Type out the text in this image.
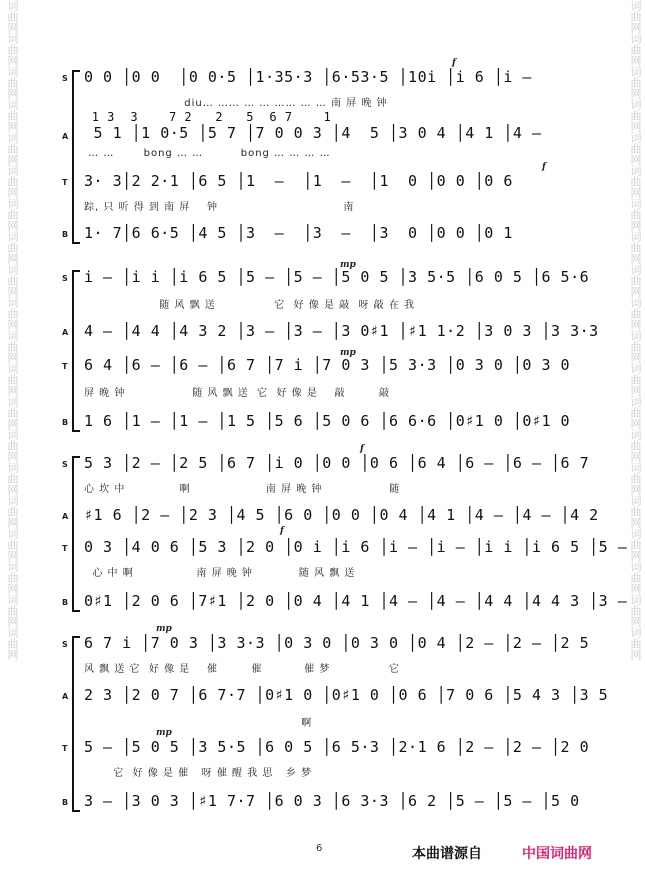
词曲网词曲网词曲网词曲网词曲网词曲网词曲网词曲网词曲网词曲网词曲网词曲网词曲网词曲网词曲网词曲网词曲网词曲网词曲网词曲网	词曲网词曲网词曲网词曲网词曲网词曲网词曲网词曲网词曲网词曲网词曲网词曲网词曲网词曲网词曲网词曲网词曲网词曲网词曲网词曲网
S 0 0 │0 0  │0 0·5 │1·35·3 │6·53·5 │10i │i 6 │i –
diu… …… … … …… … … 南 屏 晚 钟
1 3  3    7 2   2   5  6 7    1
A 5 1 │1 0·5 │5 7 │7 0 0 3 │4  5 │3 0 4 │4 1 │4 –
… …       bong … …         bong … … … …
T	3· 3│2 2·1 │6 5 │1  –  │1  –  │1  0 │0 0 │0 6
踪, 只 听 得 到 南 屏    钟                              南
B 1· 7│6 6·5 │4 5 │3  –  │3  –  │3  0 │0 0 │0 1
f
f
S i – │i i │i 6 5 │5 – │5 – │5 0 5 │3 5·5 │6 0 5 │6 5·6
随 风 飘 送              它  好 像 是 敲  呀 敲 在 我
A 4 – │4 4 │4 3 2 │3 – │3 – │3 0♯1 │♯1 1·2 │3 0 3 │3 3·3
T	6 4 │6 – │6 – │6 7 │7 i │7 0 3 │5 3·3 │0 3 0 │0 3 0
屏 晚 钟                随 风 飘 送  它  好 像 是    敲        敲
B 1 6 │1 – │1 – │1 5 │5 6 │5 0 6 │6 6·6 │0♯1 0 │0♯1 0
mp
mp
S 5 3 │2 – │2 5 │6 7 │i 0 │0 0 │0 6 │6 4 │6 – │6 – │6 7
心 坎 中             啊                  南 屏 晚 钟                随
A ♯1 6 │2 – │2 3 │4 5 │6 0 │0 0 │0 4 │4 1 │4 – │4 – │4 2
T	0 3 │4 0 6 │5 3 │2 0 │0 i │i 6 │i – │i – │i i │i 6 5 │5 –
心 中 啊               南 屏 晚 钟           随 风 飘 送
B 0♯1 │2 0 6 │7♯1 │2 0 │0 4 │4 1 │4 – │4 – │4 4 │4 4 3 │3 –
f
f
S 6 7 i │7 0 3 │3 3·3 │0 3 0 │0 3 0 │0 4 │2 – │2 – │2 5
风 飘 送 它  好 像 是    催        催          催 梦              它
A 2 3 │2 0 7 │6 7·7 │0♯1 0 │0♯1 0 │0 6 │7 0 6 │5 4 3 │3 5
啊
T	5 – │5 0 5 │3 5·5 │6 0 5 │6 5·3 │2·1 6 │2 – │2 – │2 0
它  好 像 是 催   呀 催 醒 我 思   乡 梦
B 3 – │3 0 3 │♯1 7·7 │6 0 3 │6 3·3 │6 2 │5 – │5 – │5 0
mp
mp
6	本曲谱源自	中国词曲网
